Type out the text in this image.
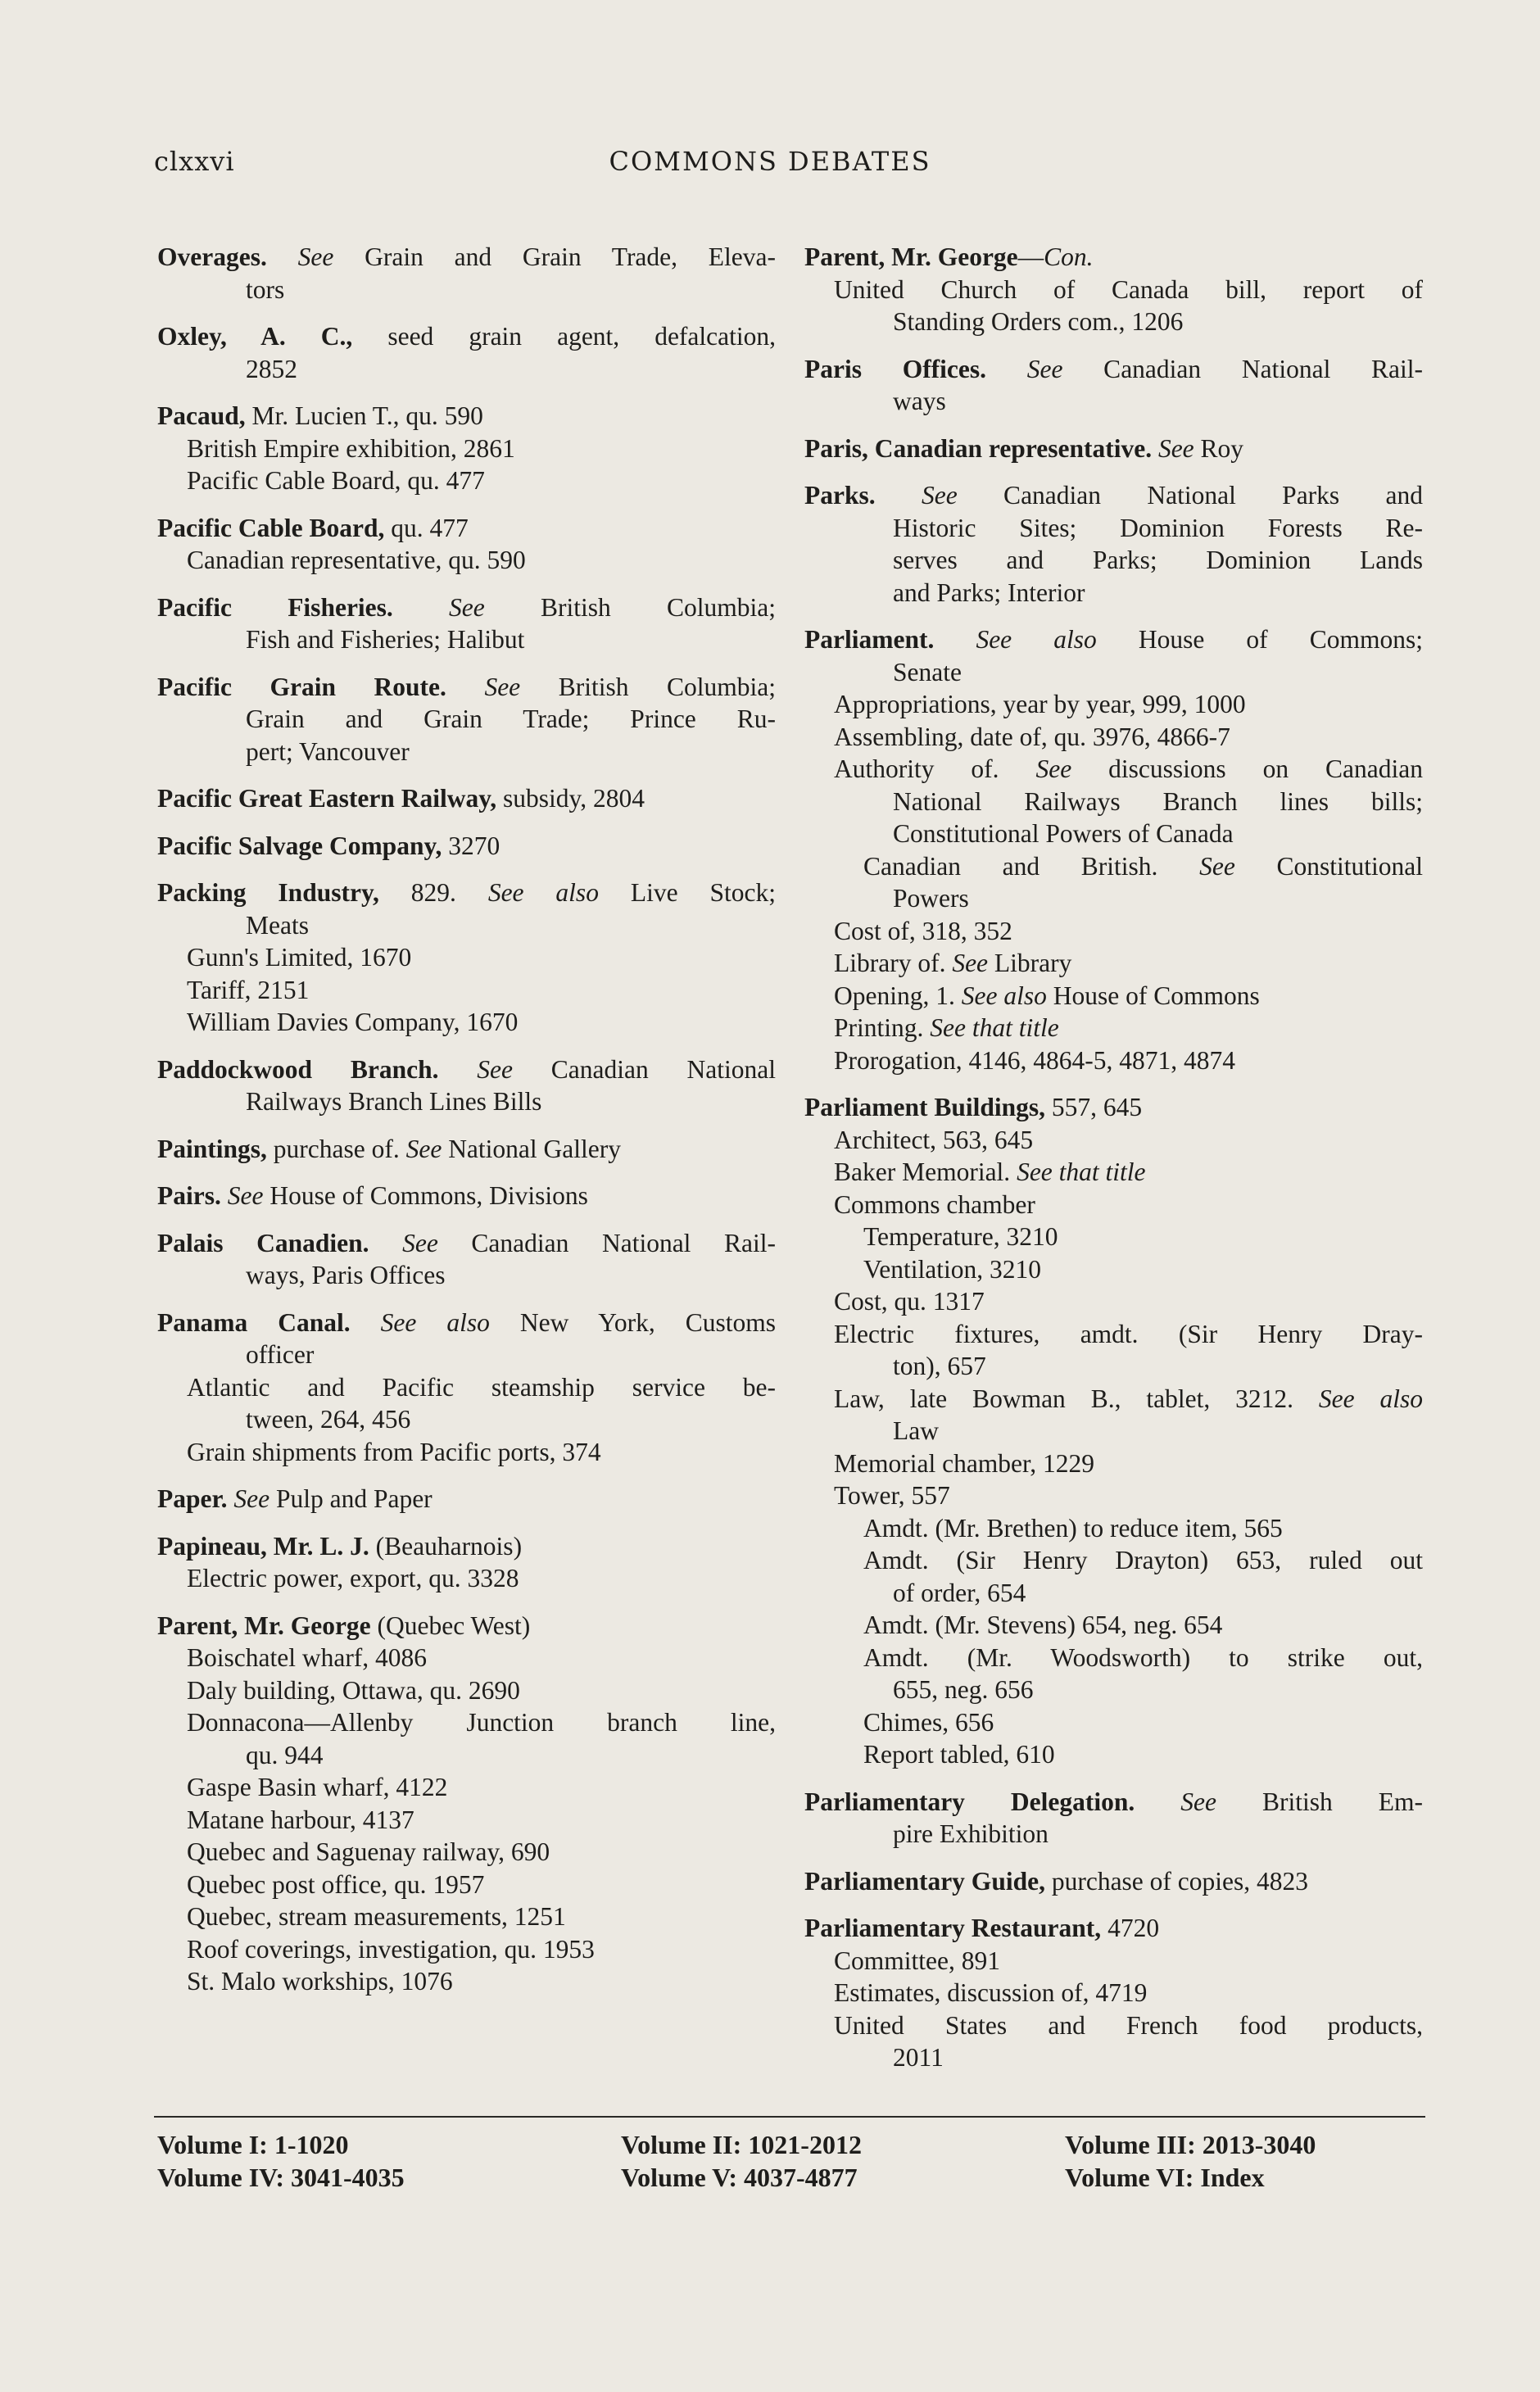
clxxvi	COMMONS DEBATES
Overages. See Grain and Grain Trade, Eleva-
tors
Oxley, A. C., seed grain agent, defalcation,
2852
Pacaud, Mr. Lucien T., qu. 590
British Empire exhibition, 2861
Pacific Cable Board, qu. 477
Pacific Cable Board, qu. 477
Canadian representative, qu. 590
Pacific Fisheries. See British Columbia;
Fish and Fisheries; Halibut
Pacific Grain Route. See British Columbia;
Grain and Grain Trade; Prince Ru-
pert; Vancouver
Pacific Great Eastern Railway, subsidy, 2804
Pacific Salvage Company, 3270
Packing Industry, 829. See also Live Stock;
Meats
Gunn's Limited, 1670
Tariff, 2151
William Davies Company, 1670
Paddockwood Branch. See Canadian National
Railways Branch Lines Bills
Paintings, purchase of. See National Gallery
Pairs. See House of Commons, Divisions
Palais Canadien. See Canadian National Rail-
ways, Paris Offices
Panama Canal. See also New York, Customs
officer
Atlantic and Pacific steamship service be-
tween, 264, 456
Grain shipments from Pacific ports, 374
Paper. See Pulp and Paper
Papineau, Mr. L. J. (Beauharnois)
Electric power, export, qu. 3328
Parent, Mr. George (Quebec West)
Boischatel wharf, 4086
Daly building, Ottawa, qu. 2690
Donnacona—Allenby Junction branch line,
qu. 944
Gaspe Basin wharf, 4122
Matane harbour, 4137
Quebec and Saguenay railway, 690
Quebec post office, qu. 1957
Quebec, stream measurements, 1251
Roof coverings, investigation, qu. 1953
St. Malo workships, 1076
Parent, Mr. George—Con.
United Church of Canada bill, report of
Standing Orders com., 1206
Paris Offices. See Canadian National Rail-
ways
Paris, Canadian representative. See Roy
Parks. See Canadian National Parks and
Historic Sites; Dominion Forests Re-
serves and Parks; Dominion Lands
and Parks; Interior
Parliament. See also House of Commons;
Senate
Appropriations, year by year, 999, 1000
Assembling, date of, qu. 3976, 4866-7
Authority of. See discussions on Canadian
National Railways Branch lines bills;
Constitutional Powers of Canada
Canadian and British. See Constitutional
Powers
Cost of, 318, 352
Library of. See Library
Opening, 1. See also House of Commons
Printing. See that title
Prorogation, 4146, 4864-5, 4871, 4874
Parliament Buildings, 557, 645
Architect, 563, 645
Baker Memorial. See that title
Commons chamber
Temperature, 3210
Ventilation, 3210
Cost, qu. 1317
Electric fixtures, amdt. (Sir Henry Dray-
ton), 657
Law, late Bowman B., tablet, 3212. See also
Law
Memorial chamber, 1229
Tower, 557
Amdt. (Mr. Brethen) to reduce item, 565
Amdt. (Sir Henry Drayton) 653, ruled out
of order, 654
Amdt. (Mr. Stevens) 654, neg. 654
Amdt. (Mr. Woodsworth) to strike out,
655, neg. 656
Chimes, 656
Report tabled, 610
Parliamentary Delegation. See British Em-
pire Exhibition
Parliamentary Guide, purchase of copies, 4823
Parliamentary Restaurant, 4720
Committee, 891
Estimates, discussion of, 4719
United States and French food products,
2011
Volume I: 1-1020	Volume II: 1021-2012	Volume III: 2013-3040
Volume IV: 3041-4035	Volume V: 4037-4877	Volume VI: Index
